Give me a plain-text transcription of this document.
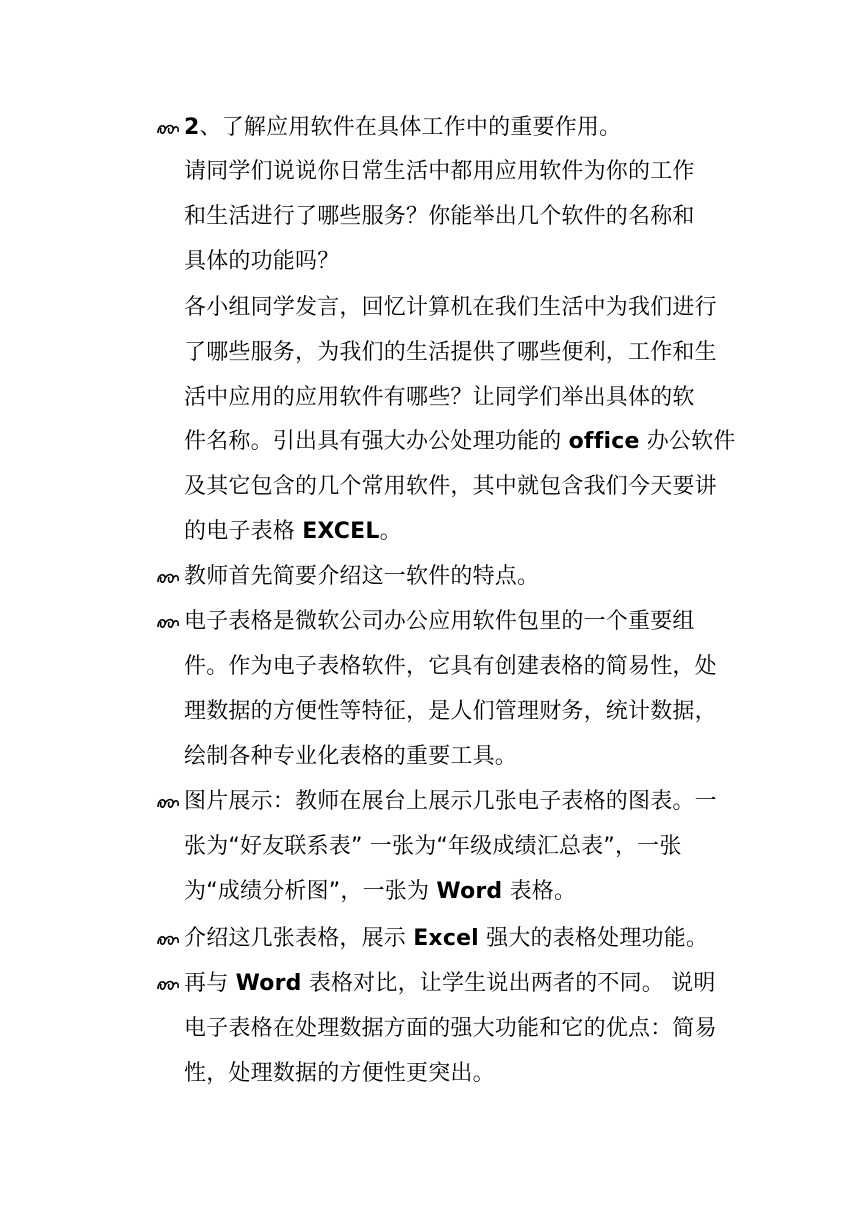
2、了解应用软件在具体工作中的重要作用。
请同学们说说你日常生活中都用应用软件为你的工作
和生活进行了哪些服务？你能举出几个软件的名称和
具体的功能吗？
各小组同学发言，回忆计算机在我们生活中为我们进行
了哪些服务，为我们的生活提供了哪些便利，工作和生
活中应用的应用软件有哪些？让同学们举出具体的软
件名称。引出具有强大办公处理功能的 office 办公软件
及其它包含的几个常用软件，其中就包含我们今天要讲
的电子表格 EXCEL。
教师首先简要介绍这一软件的特点。
电子表格是微软公司办公应用软件包里的一个重要组
件。作为电子表格软件，它具有创建表格的简易性，处
理数据的方便性等特征，是人们管理财务，统计数据，
绘制各种专业化表格的重要工具。
图片展示：教师在展台上展示几张电子表格的图表。一
张为“好友联系表” 一张为“年级成绩汇总表”，一张
为“成绩分析图”，一张为 Word 表格。
介绍这几张表格，展示 Excel 强大的表格处理功能。
再与 Word 表格对比，让学生说出两者的不同。 说明
电子表格在处理数据方面的强大功能和它的优点：简易
性，处理数据的方便性更突出。
